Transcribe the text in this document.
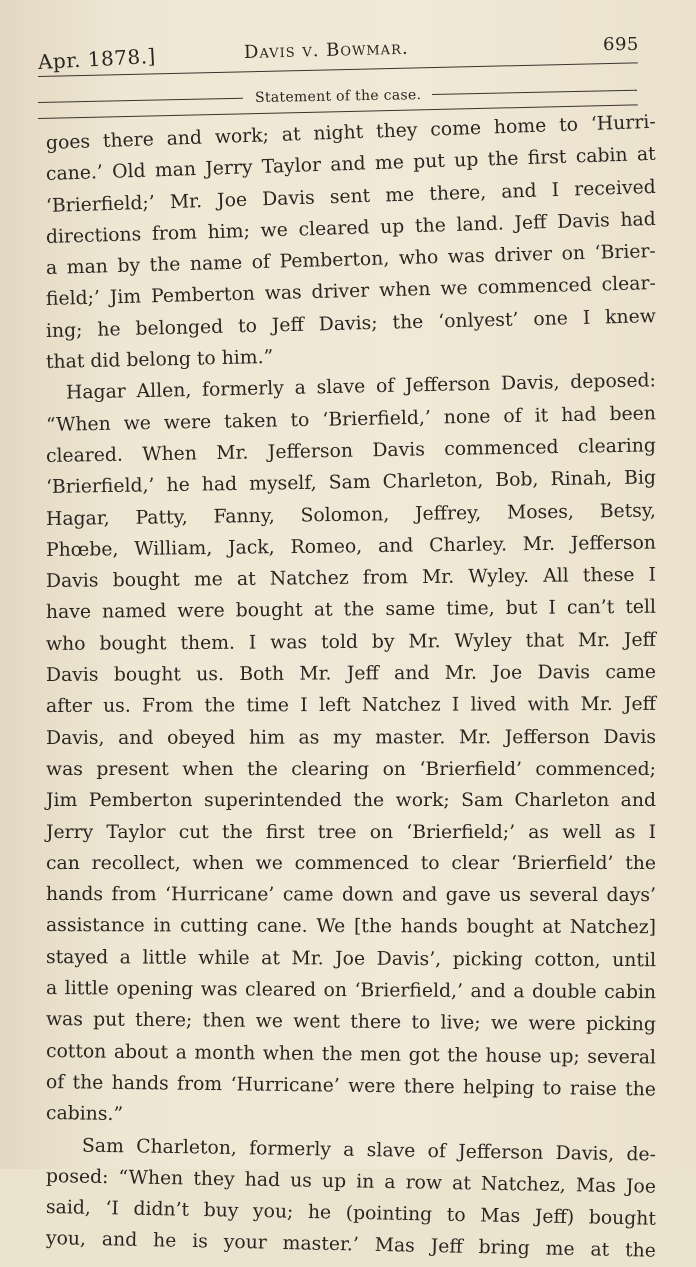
Apr. 1878.]	Davis v. Bowmar.	695
Statement of the case.
goes there and work; at night they come home to ‘Hurri-
cane.’ Old man Jerry Taylor and me put up the first cabin at
‘Brierfield;’ Mr. Joe Davis sent me there, and I received
directions from him; we cleared up the land. Jeff Davis had
a man by the name of Pemberton, who was driver on ‘Brier-
field;’ Jim Pemberton was driver when we commenced clear-
ing; he belonged to Jeff Davis; the ‘onlyest’ one I knew
that did belong to him.”
Hagar Allen, formerly a slave of Jefferson Davis, deposed:
“When we were taken to ‘Brierfield,’ none of it had been
cleared. When Mr. Jefferson Davis commenced clearing
‘Brierfield,’ he had myself, Sam Charleton, Bob, Rinah, Big
Hagar, Patty, Fanny, Solomon, Jeffrey, Moses, Betsy,
Phœbe, William, Jack, Romeo, and Charley. Mr. Jefferson
Davis bought me at Natchez from Mr. Wyley. All these I
have named were bought at the same time, but I can’t tell
who bought them. I was told by Mr. Wyley that Mr. Jeff
Davis bought us. Both Mr. Jeff and Mr. Joe Davis came
after us. From the time I left Natchez I lived with Mr. Jeff
Davis, and obeyed him as my master. Mr. Jefferson Davis
was present when the clearing on ‘Brierfield’ commenced;
Jim Pemberton superintended the work; Sam Charleton and
Jerry Taylor cut the first tree on ‘Brierfield;’ as well as I
can recollect, when we commenced to clear ‘Brierfield’ the
hands from ‘Hurricane’ came down and gave us several days’
assistance in cutting cane. We [the hands bought at Natchez]
stayed a little while at Mr. Joe Davis’, picking cotton, until
a little opening was cleared on ‘Brierfield,’ and a double cabin
was put there; then we went there to live; we were picking
cotton about a month when the men got the house up; several
of the hands from ‘Hurricane’ were there helping to raise the
cabins.”
Sam Charleton, formerly a slave of Jefferson Davis, de-
posed: “When they had us up in a row at Natchez, Mas Joe
said, ‘I didn’t buy you; he (pointing to Mas Jeff) bought
you, and he is your master.’ Mas Jeff bring me at the
